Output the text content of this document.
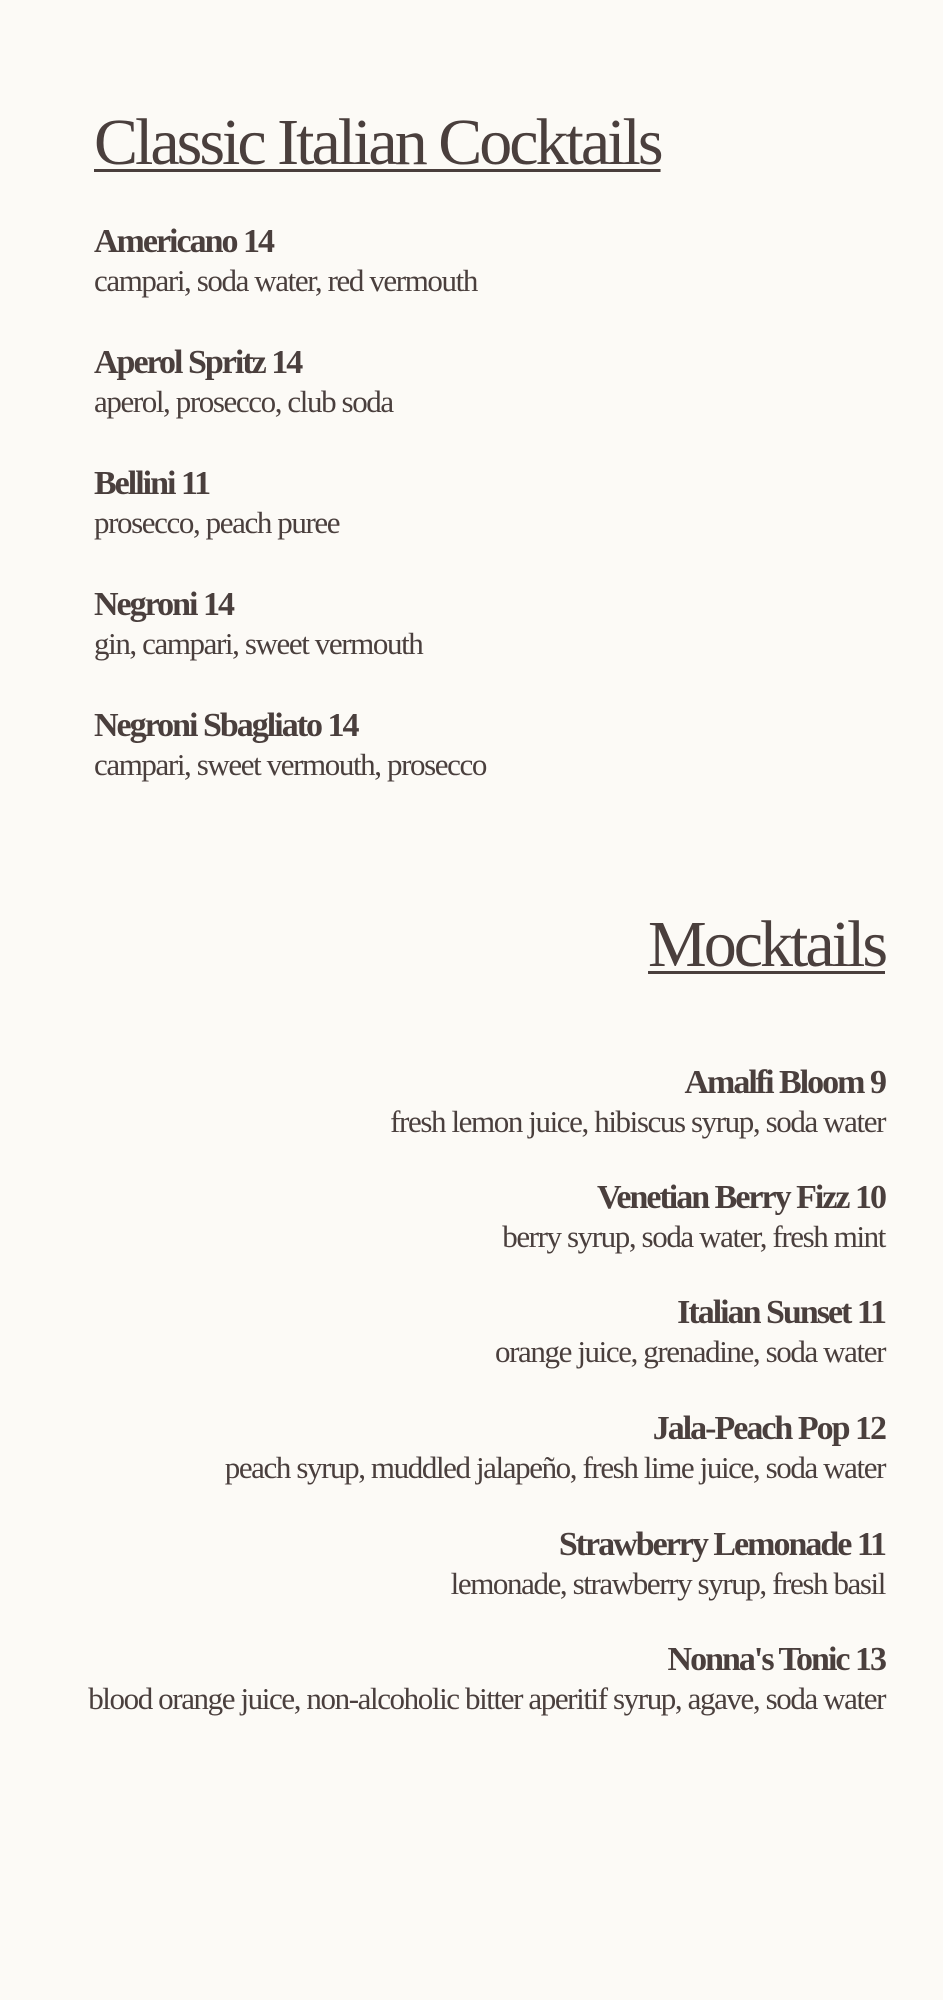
Classic Italian Cocktails
Americano 14
campari, soda water, red vermouth
Aperol Spritz 14
aperol, prosecco, club soda
Bellini 11
prosecco, peach puree
Negroni 14
gin, campari, sweet vermouth
Negroni Sbagliato 14
campari, sweet vermouth, prosecco
Mocktails
Amalfi Bloom 9
fresh lemon juice, hibiscus syrup, soda water
Venetian Berry Fizz 10
berry syrup, soda water, fresh mint
Italian Sunset 11
orange juice, grenadine, soda water
Jala-Peach Pop 12
peach syrup, muddled jalapeño, fresh lime juice, soda water
Strawberry Lemonade 11
lemonade, strawberry syrup, fresh basil
Nonna's Tonic 13
blood orange juice, non-alcoholic bitter aperitif syrup, agave, soda water
